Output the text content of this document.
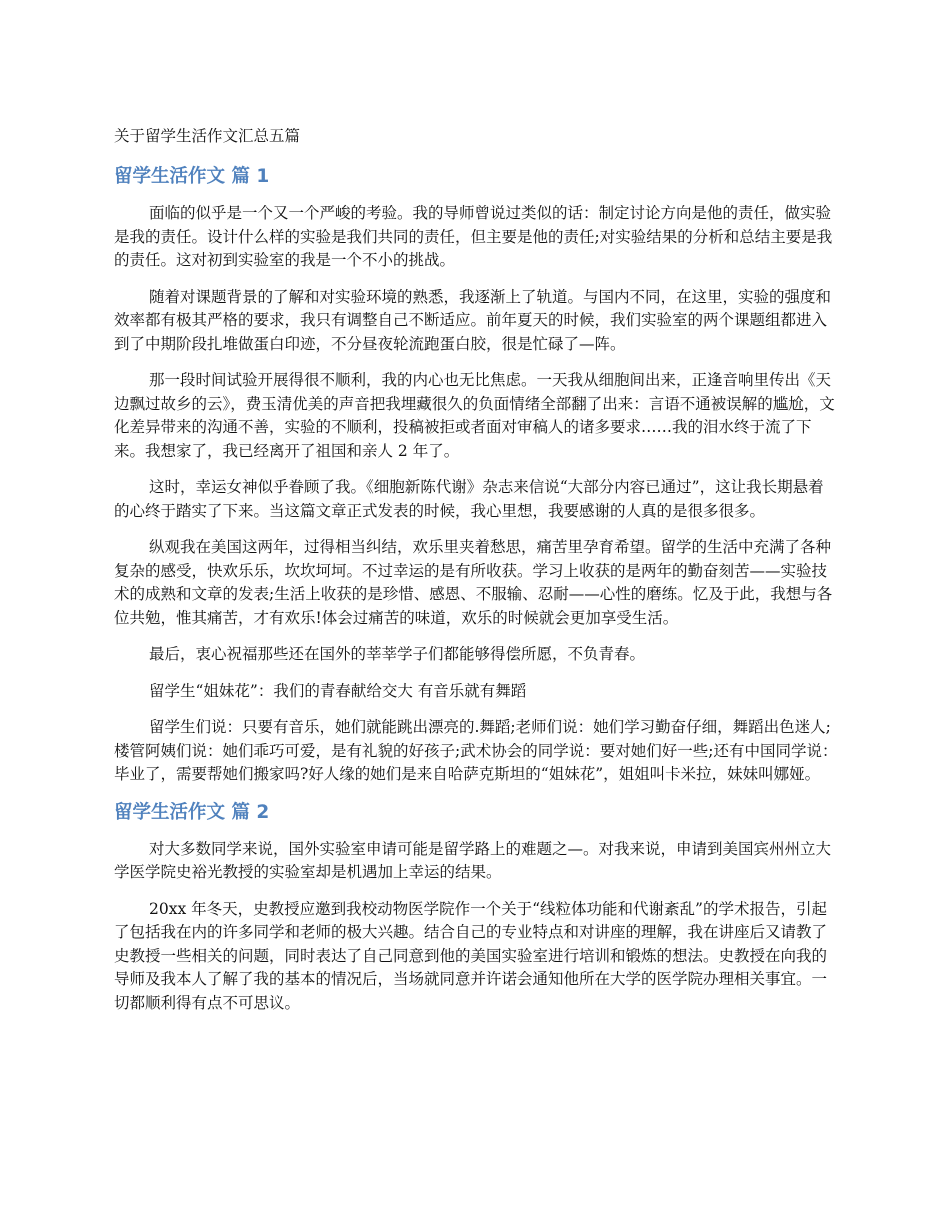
关于留学生活作文汇总五篇
留学生活作文 篇 1

面临的似乎是一个又一个严峻的考验。我的导师曾说过类似的话：制定讨论方向是他的责任，做实验是我的责任。设计什么样的实验是我们共同的责任，但主要是他的责任;对实验结果的分析和总结主要是我的责任。这对初到实验室的我是一个不小的挑战。

随着对课题背景的了解和对实验环境的熟悉，我逐渐上了轨道。与国内不同，在这里，实验的强度和效率都有极其严格的要求，我只有调整自己不断适应。前年夏天的时候，我们实验室的两个课题组都进入到了中期阶段扎堆做蛋白印迹，不分昼夜轮流跑蛋白胶，很是忙碌了—阵。

那一段时间试验开展得很不顺利，我的内心也无比焦虑。一天我从细胞间出来，正逢音响里传出《天边飘过故乡的云》，费玉清优美的声音把我埋藏很久的负面情绪全部翻了出来：言语不通被误解的尴尬，文化差异带来的沟通不善，实验的不顺利，投稿被拒或者面对审稿人的诸多要求……我的泪水终于流了下来。我想家了，我已经离开了祖国和亲人 2 年了。

这时，幸运女神似乎眷顾了我。《细胞新陈代谢》杂志来信说“大部分内容已通过”，这让我长期悬着的心终于踏实了下来。当这篇文章正式发表的时候，我心里想，我要感谢的人真的是很多很多。

纵观我在美国这两年，过得相当纠结，欢乐里夹着愁思，痛苦里孕育希望。留学的生活中充满了各种复杂的感受，快欢乐乐，坎坎坷坷。不过幸运的是有所收获。学习上收获的是两年的勤奋刻苦——实验技术的成熟和文章的发表;生活上收获的是珍惜、感恩、不服输、忍耐——心性的磨练。忆及于此，我想与各位共勉，惟其痛苦，才有欢乐!体会过痛苦的味道，欢乐的时候就会更加享受生活。

最后，衷心祝福那些还在国外的莘莘学子们都能够得偿所愿，不负青春。

留学生“姐妹花”：我们的青春献给交大 有音乐就有舞蹈

留学生们说：只要有音乐，她们就能跳出漂亮的.舞蹈;老师们说：她们学习勤奋仔细，舞蹈出色迷人;楼管阿姨们说：她们乖巧可爱，是有礼貌的好孩子;武术协会的同学说：要对她们好一些;还有中国同学说：毕业了，需要帮她们搬家吗?好人缘的她们是来自哈萨克斯坦的“姐妹花”，姐姐叫卡米拉，妹妹叫娜娅。

留学生活作文 篇 2

对大多数同学来说，国外实验室申请可能是留学路上的难题之—。对我来说，申请到美国宾州州立大学医学院史裕光教授的实验室却是机遇加上幸运的结果。

20xx 年冬天，史教授应邀到我校动物医学院作一个关于“线粒体功能和代谢紊乱”的学术报告，引起了包括我在内的许多同学和老师的极大兴趣。结合自己的专业特点和对讲座的理解，我在讲座后又请教了史教授一些相关的问题，同时表达了自己同意到他的美国实验室进行培训和锻炼的想法。史教授在向我的导师及我本人了解了我的基本的情况后，当场就同意并许诺会通知他所在大学的医学院办理相关事宜。一切都顺利得有点不可思议。
